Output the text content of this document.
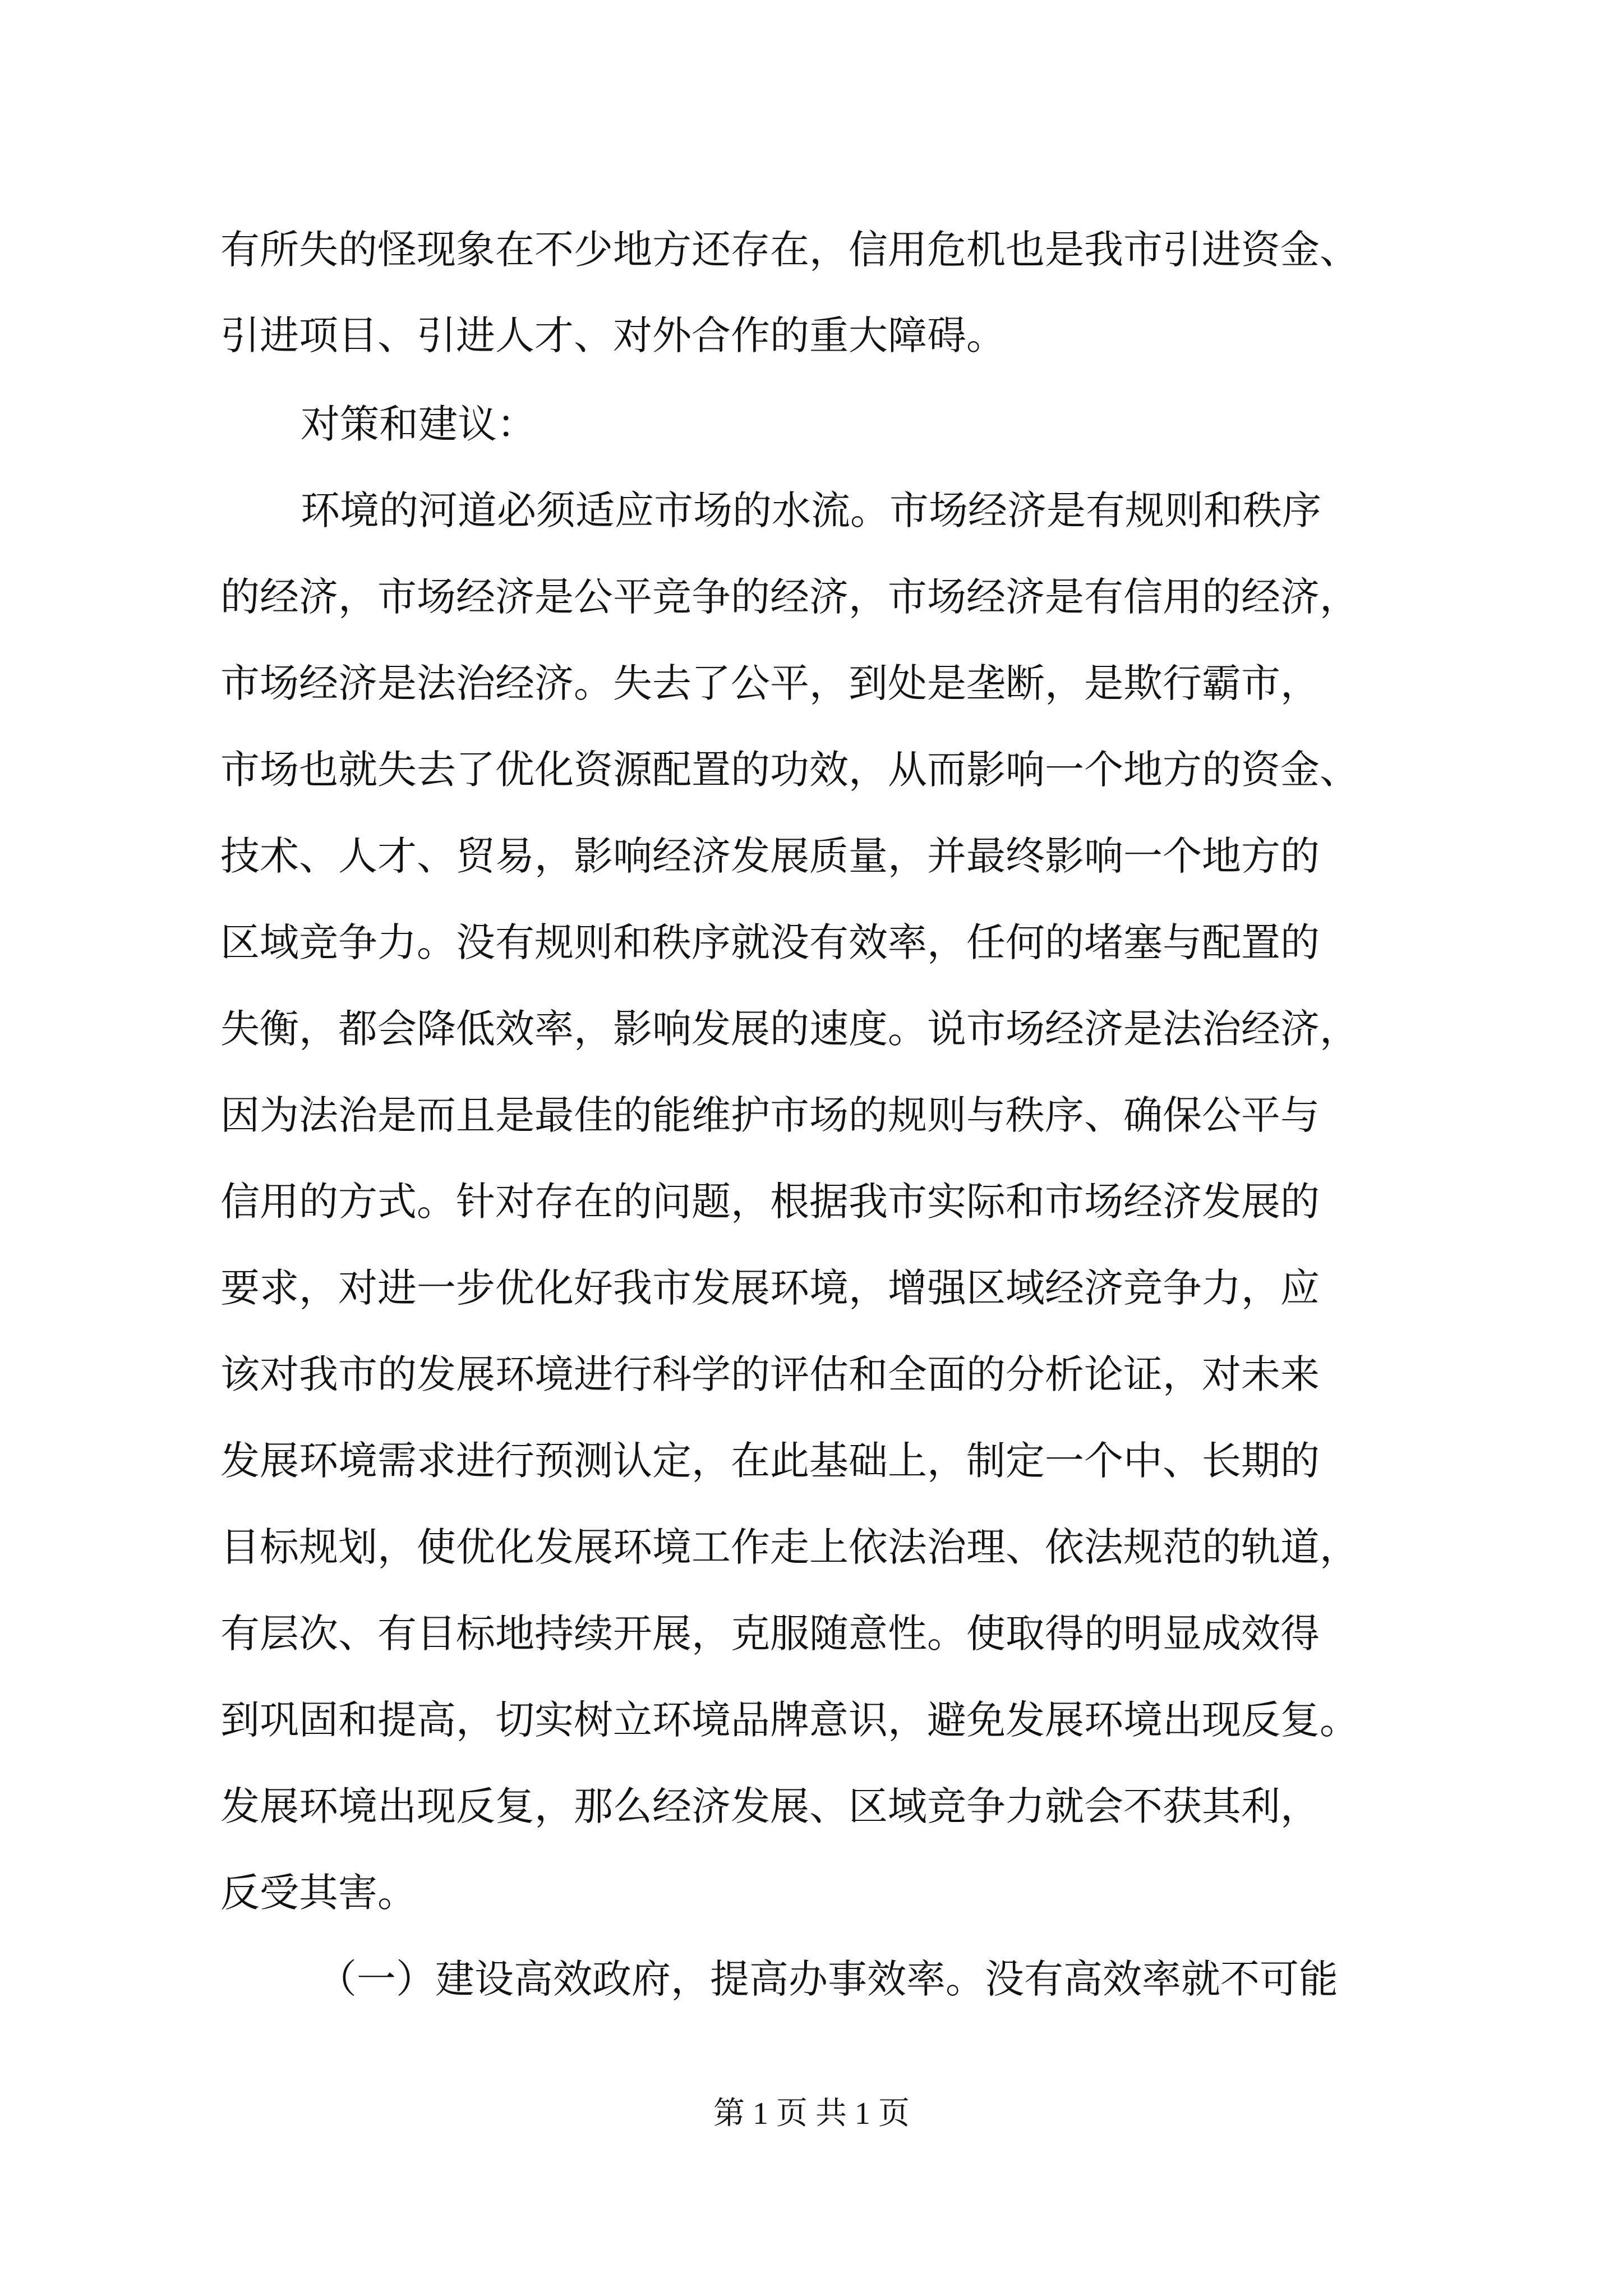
有所失的怪现象在不少地方还存在，信用危机也是我市引进资金、

引进项目、引进人才、对外合作的重大障碍。

对策和建议：

环境的河道必须适应市场的水流。市场经济是有规则和秩序

的经济，市场经济是公平竞争的经济，市场经济是有信用的经济，

市场经济是法治经济。失去了公平，到处是垄断，是欺行霸市，

市场也就失去了优化资源配置的功效，从而影响一个地方的资金、

技术、人才、贸易，影响经济发展质量，并最终影响一个地方的

区域竞争力。没有规则和秩序就没有效率，任何的堵塞与配置的

失衡，都会降低效率，影响发展的速度。说市场经济是法治经济，

因为法治是而且是最佳的能维护市场的规则与秩序、确保公平与

信用的方式。针对存在的问题，根据我市实际和市场经济发展的

要求，对进一步优化好我市发展环境，增强区域经济竞争力，应

该对我市的发展环境进行科学的评估和全面的分析论证，对未来

发展环境需求进行预测认定，在此基础上，制定一个中、长期的

目标规划，使优化发展环境工作走上依法治理、依法规范的轨道，

有层次、有目标地持续开展，克服随意性。使取得的明显成效得

到巩固和提高，切实树立环境品牌意识，避免发展环境出现反复。

发展环境出现反复，那么经济发展、区域竞争力就会不获其利，

反受其害。

（一）建设高效政府，提高办事效率。没有高效率就不可能

第 1 页 共 1 页
